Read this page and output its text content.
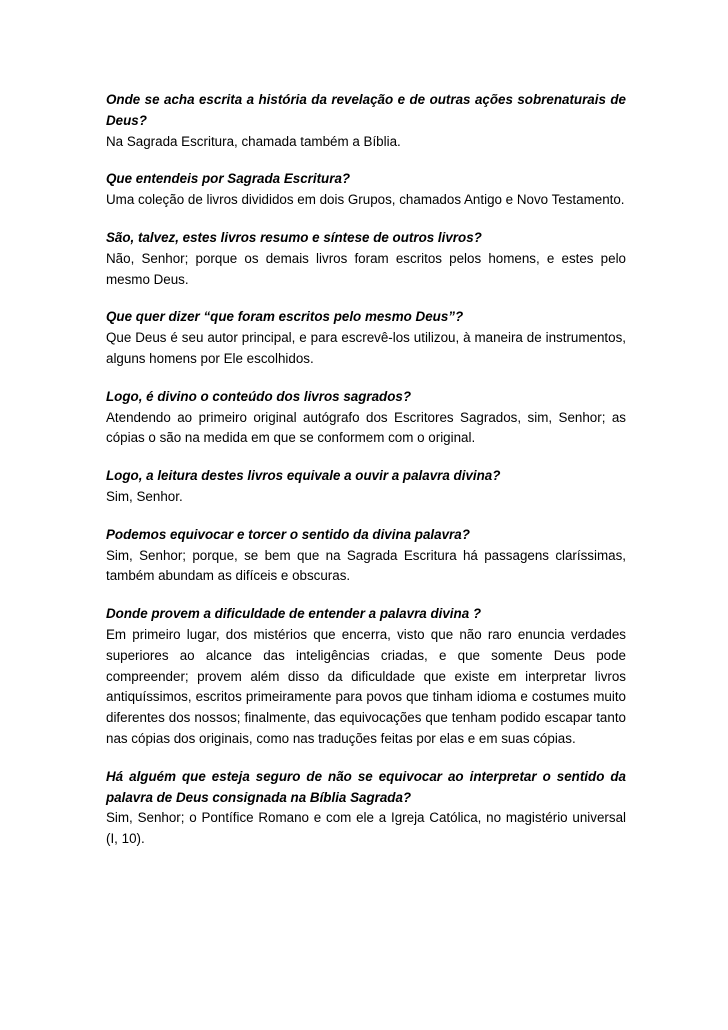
Onde se acha escrita a história da revelação e de outras ações sobrenaturais de Deus?

Na Sagrada Escritura, chamada também a Bíblia.

Que entendeis por Sagrada Escritura?

Uma coleção de livros divididos em dois Grupos, chamados Antigo e Novo Testamento.

São, talvez, estes livros resumo e síntese de outros livros?

Não, Senhor; porque os demais livros foram escritos pelos homens, e estes pelo mesmo Deus.

Que quer dizer “que foram escritos pelo mesmo Deus”?

Que Deus é seu autor principal, e para escrevê-los utilizou, à maneira de instrumentos, alguns homens por Ele escolhidos.

Logo, é divino o conteúdo dos livros sagrados?

Atendendo ao primeiro original autógrafo dos Escritores Sagrados, sim, Senhor; as cópias o são na medida em que se conformem com o original.

Logo, a leitura destes livros equivale a ouvir a palavra divina?

Sim, Senhor.

Podemos equivocar e torcer o sentido da divina palavra?

Sim, Senhor; porque, se bem que na Sagrada Escritura há passagens claríssimas, também abundam as difíceis e obscuras.

Donde provem a dificuldade de entender a palavra divina ?

Em primeiro lugar, dos mistérios que encerra, visto que não raro enuncia verdades superiores ao alcance das inteligências criadas, e que somente Deus pode compreender; provem além disso da dificuldade que existe em interpretar livros antiquíssimos, escritos primeiramente para povos que tinham idioma e costumes muito diferentes dos nossos; finalmente, das equivocações que tenham podido escapar tanto nas cópias dos originais, como nas traduções feitas por elas e em suas cópias.

Há alguém que esteja seguro de não se equivocar ao interpretar o sentido da palavra de Deus consignada na Bíblia Sagrada?

Sim, Senhor; o Pontífice Romano e com ele a Igreja Católica, no magistério universal (I, 10).
